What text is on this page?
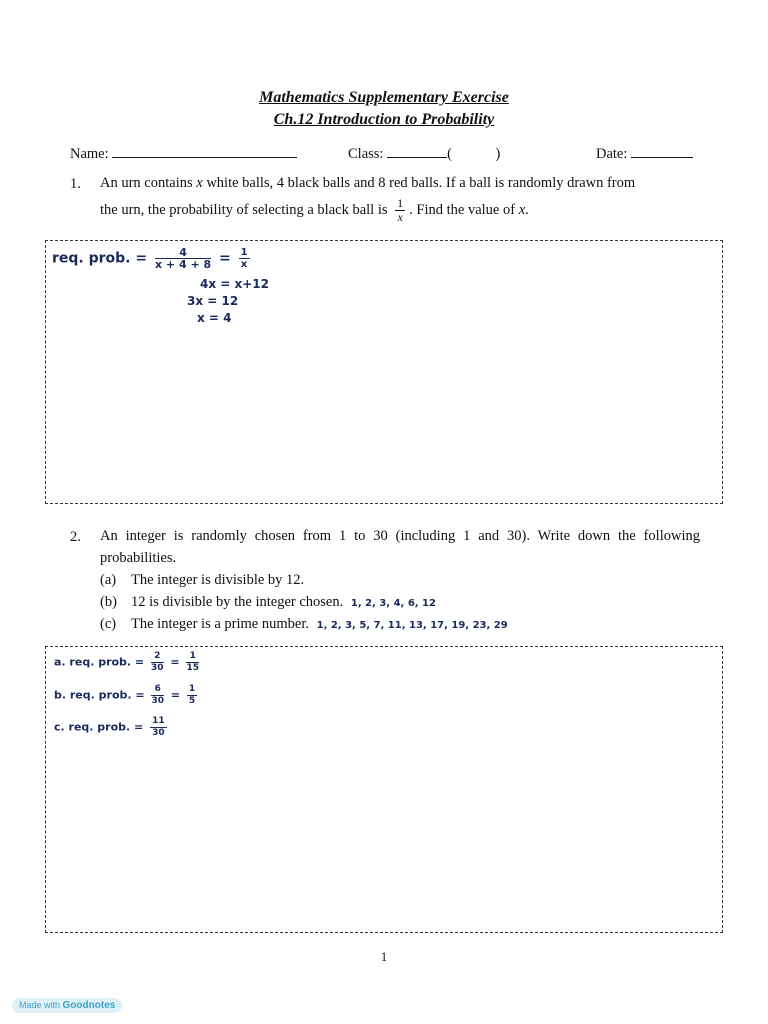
Mathematics Supplementary Exercise
Ch.12 Introduction to Probability
Name:	Class:	(	)	Date:
1. An urn contains x white balls, 4 black balls and 8 red balls. If a ball is randomly drawn from
the urn, the probability of selecting a black ball is $\frac{1}{x}$ . Find the value of x.
req. prob. = $\frac{4}{x + 4 + 8} = \frac{1}{x}$
4x = x+12
3x = 12
x = 4
2. An integer is randomly chosen from 1 to 30 (including 1 and 30). Write down the following
probabilities.
(a) The integer is divisible by 12.
(b) 12 is divisible by the integer chosen. 1, 2, 3, 4, 6, 12
(c) The integer is a prime number. 1, 2, 3, 5, 7, 11, 13, 17, 19, 23, 29
a. req. prob. = $\frac{2}{30} = \frac{1}{15}$
b. req. prob. = $\frac{6}{30} = \frac{1}{5}$
c. req. prob. = $\frac{11}{30}$
1
Made with Goodnotes
